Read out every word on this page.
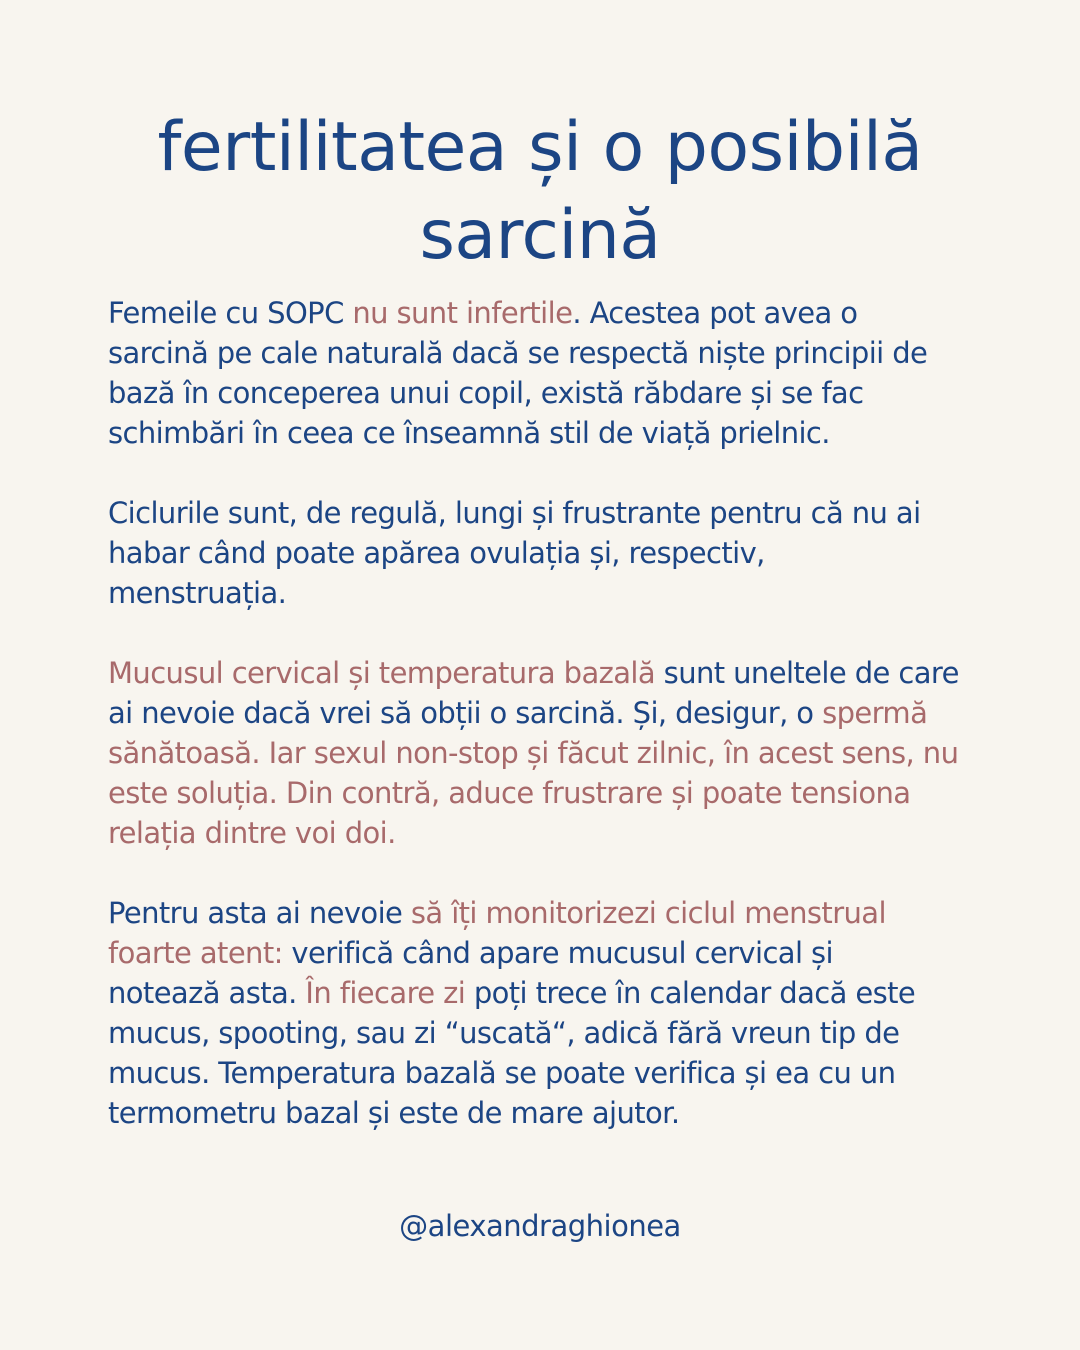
fertilitatea și o posibilă
sarcină

Femeile cu SOPC nu sunt infertile. Acestea pot avea o
sarcină pe cale naturală dacă se respectă niște principii de
bază în conceperea unui copil, există răbdare și se fac
schimbări în ceea ce înseamnă stil de viață prielnic.

Ciclurile sunt, de regulă, lungi și frustrante pentru că nu ai
habar când poate apărea ovulația și, respectiv,
menstruația.

Mucusul cervical și temperatura bazală sunt uneltele de care
ai nevoie dacă vrei să obții o sarcină. Și, desigur, o spermă
sănătoasă. Iar sexul non-stop și făcut zilnic, în acest sens, nu
este soluția. Din contră, aduce frustrare și poate tensiona
relația dintre voi doi.

Pentru asta ai nevoie să îți monitorizezi ciclul menstrual
foarte atent: verifică când apare mucusul cervical și
notează asta. În fiecare zi poți trece în calendar dacă este
mucus, spooting, sau zi “uscată“, adică fără vreun tip de
mucus. Temperatura bazală se poate verifica și ea cu un
termometru bazal și este de mare ajutor.

@alexandraghionea
